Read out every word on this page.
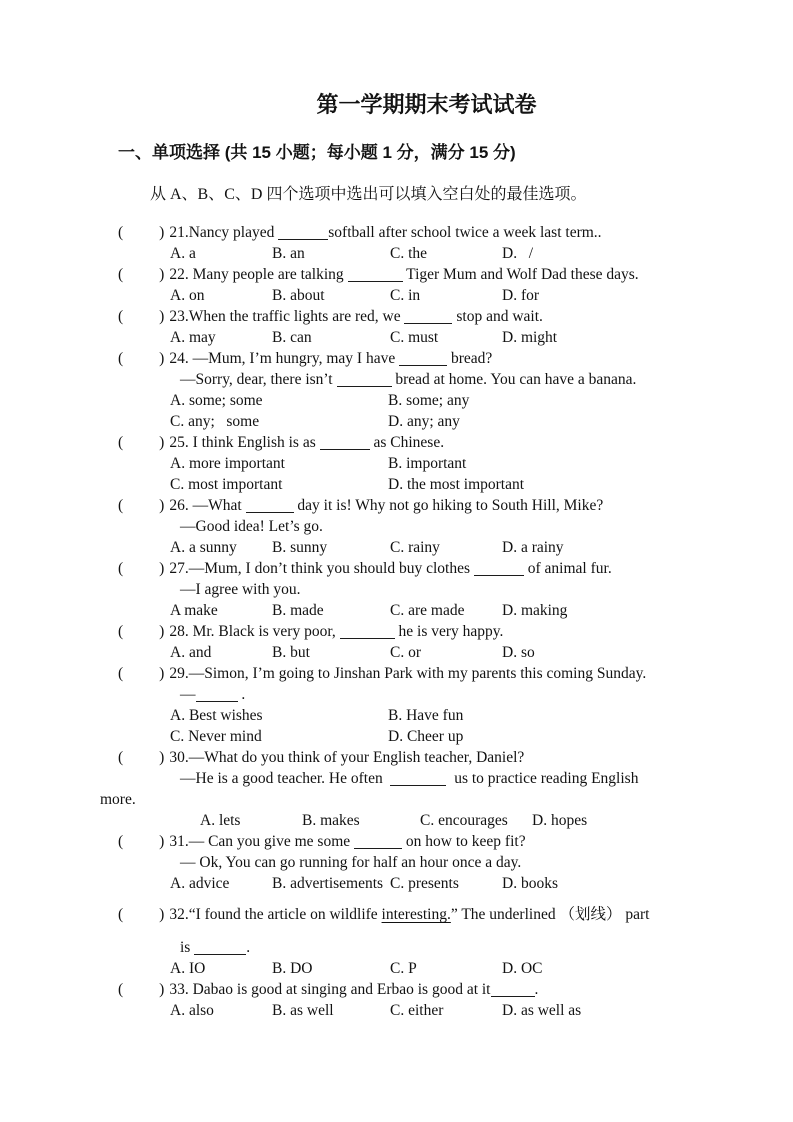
第一学期期末考试试卷
一、单项选择 (共 15 小题；每小题 1 分，满分 15 分)
从 A、B、C、D 四个选项中选出可以填入空白处的最佳选项。
( ) 21.Nancy played	softball after school twice a week last term..
A. a	B. an	C. the	D.   /
( ) 22. Many people are talking	Tiger Mum and Wolf Dad these days.
A. on	B. about	C. in	D. for
( ) 23.When the traffic lights are red, we	stop and wait.
A. may	B. can	C. must	D. might
( ) 24. —Mum, I’m hungry, may I have	bread?
—Sorry, dear, there isn’t	bread at home. You can have a banana.
A. some; some	B. some; any
C. any;   some	D. any; any
( ) 25. I think English is as	as Chinese.
A. more important	B. important
C. most important	D. the most important
( ) 26. —What	day it is! Why not go hiking to South Hill, Mike?
—Good idea! Let’s go.
A. a sunny	B. sunny	C. rainy	D. a rainy
( ) 27.—Mum, I don’t think you should buy clothes	of animal fur.
—I agree with you.
A make	B. made	C. are made	D. making
( ) 28. Mr. Black is very poor,	he is very happy.
A. and	B. but	C. or	D. so
( ) 29.—Simon, I’m going to Jinshan Park with my parents this coming Sunday.
—	.
A. Best wishes	B. Have fun
C. Never mind	D. Cheer up
( ) 30.—What do you think of your English teacher, Daniel?
—He is a good teacher. He often	us to practice reading English
more.
A. lets	B. makes	C. encourages	D. hopes
( ) 31.— Can you give me some	on how to keep fit?
— Ok, You can go running for half an hour once a day.
A. advice	B. advertisements C. presents	D. books
( ) 32.“I found the article on wildlife interesting.” The underlined （划线） part
is	.
A. IO	B. DO	C. P	D. OC
( ) 33. Dabao is good at singing and Erbao is good at it	.
A. also	B. as well	C. either	D. as well as
